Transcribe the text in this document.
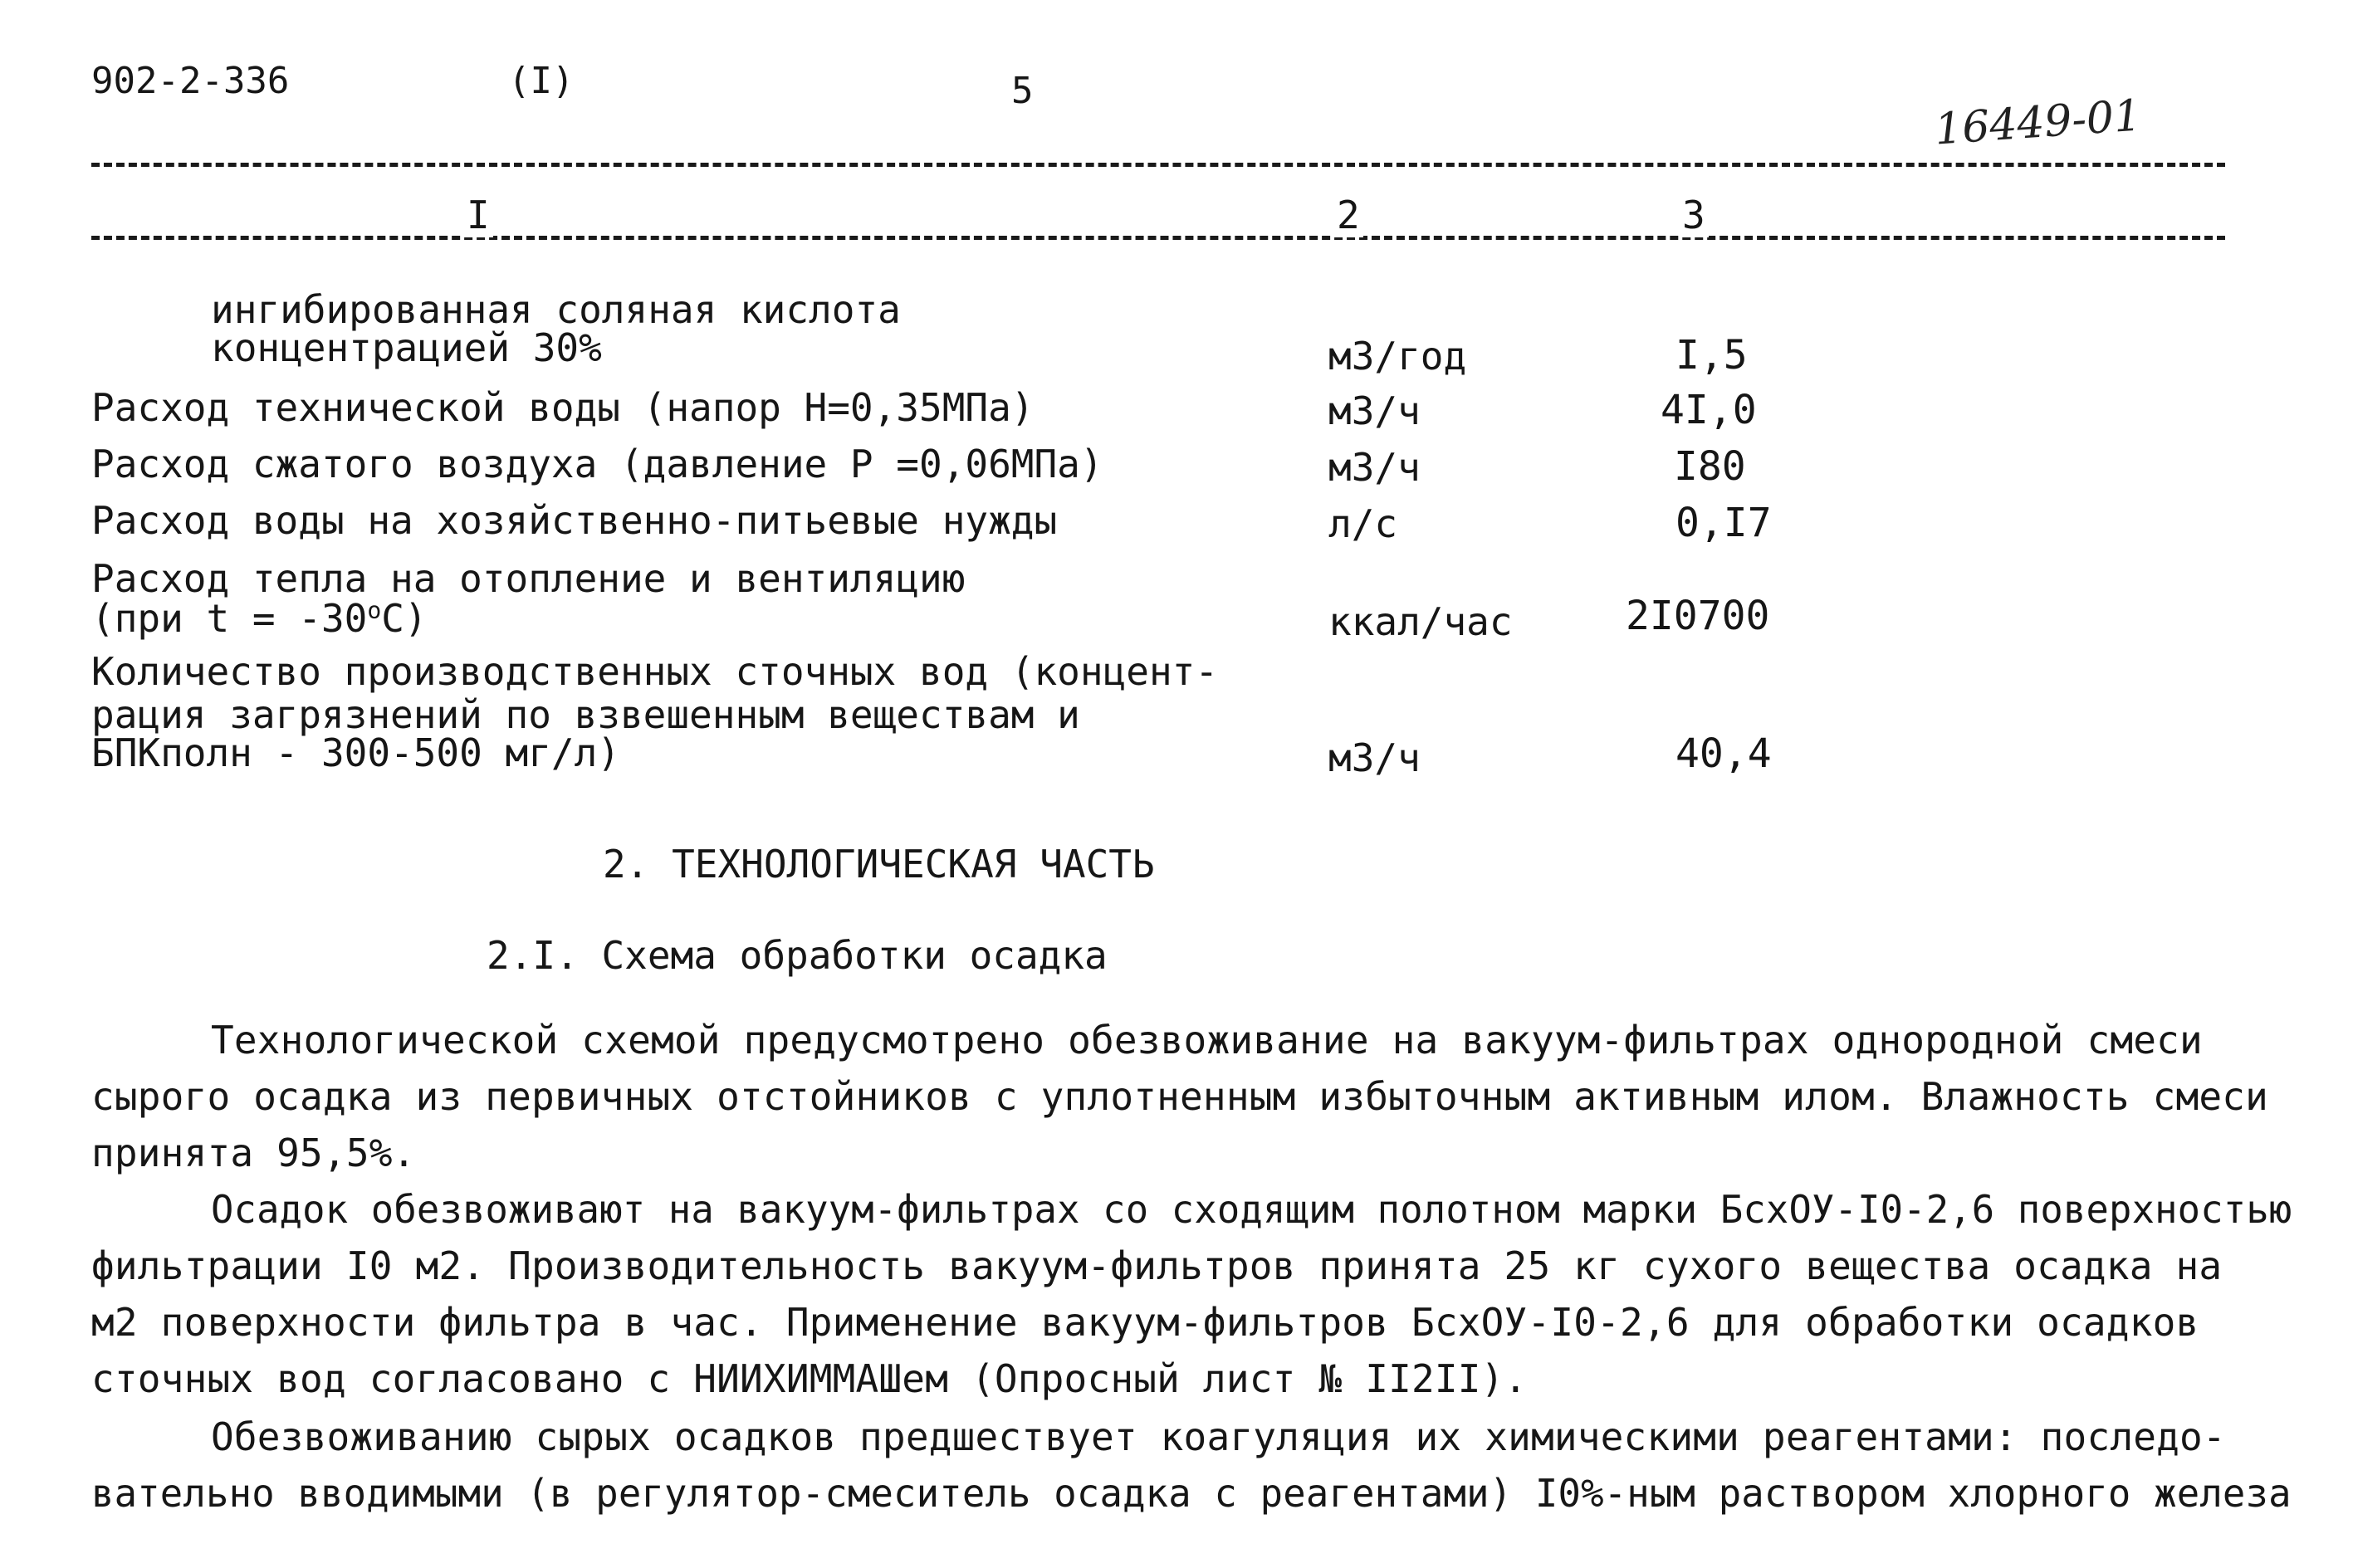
902-2-336	(I)	5	16449-01
I	2	3
ингибированная соляная кислота
концентрацией 30%	м3/год	I,5
Расход технической воды (напор Н=0,35МПа)	м3/ч	4I,0
Расход сжатого воздуха (давление Р =0,06МПа)	м3/ч	I80
Расход воды на хозяйственно-питьевые нужды	л/с	0,I7
Расход тепла на отопление и вентиляцию
(при $t = -30^oС$)	ккал/час	2I0700
Количество производственных сточных вод (концент-
рация загрязнений по взвешенным веществам и
БПКполн - 300-500 мг/л)	м3/ч	40,4
2. ТЕХНОЛОГИЧЕСКАЯ ЧАСТЬ
2.I. Схема обработки осадка
Технологической схемой предусмотрено обезвоживание на вакуум-фильтрах однородной смеси
сырого осадка из первичных отстойников с уплотненным избыточным активным илом. Влажность смеси
принята 95,5%.
Осадок обезвоживают на вакуум-фильтрах со сходящим полотном марки БсхОУ-I0-2,6 поверхностью
фильтрации I0 м2. Производительность вакуум-фильтров принята 25 кг сухого вещества осадка на
м2 поверхности фильтра в час. Применение вакуум-фильтров БсхОУ-I0-2,6 для обработки осадков
сточных вод согласовано с НИИХИММАШем (Опросный лист № II2II).
Обезвоживанию сырых осадков предшествует коагуляция их химическими реагентами: последо-
вательно вводимыми (в регулятор-смеситель осадка с реагентами) I0%-ным раствором хлорного железа
